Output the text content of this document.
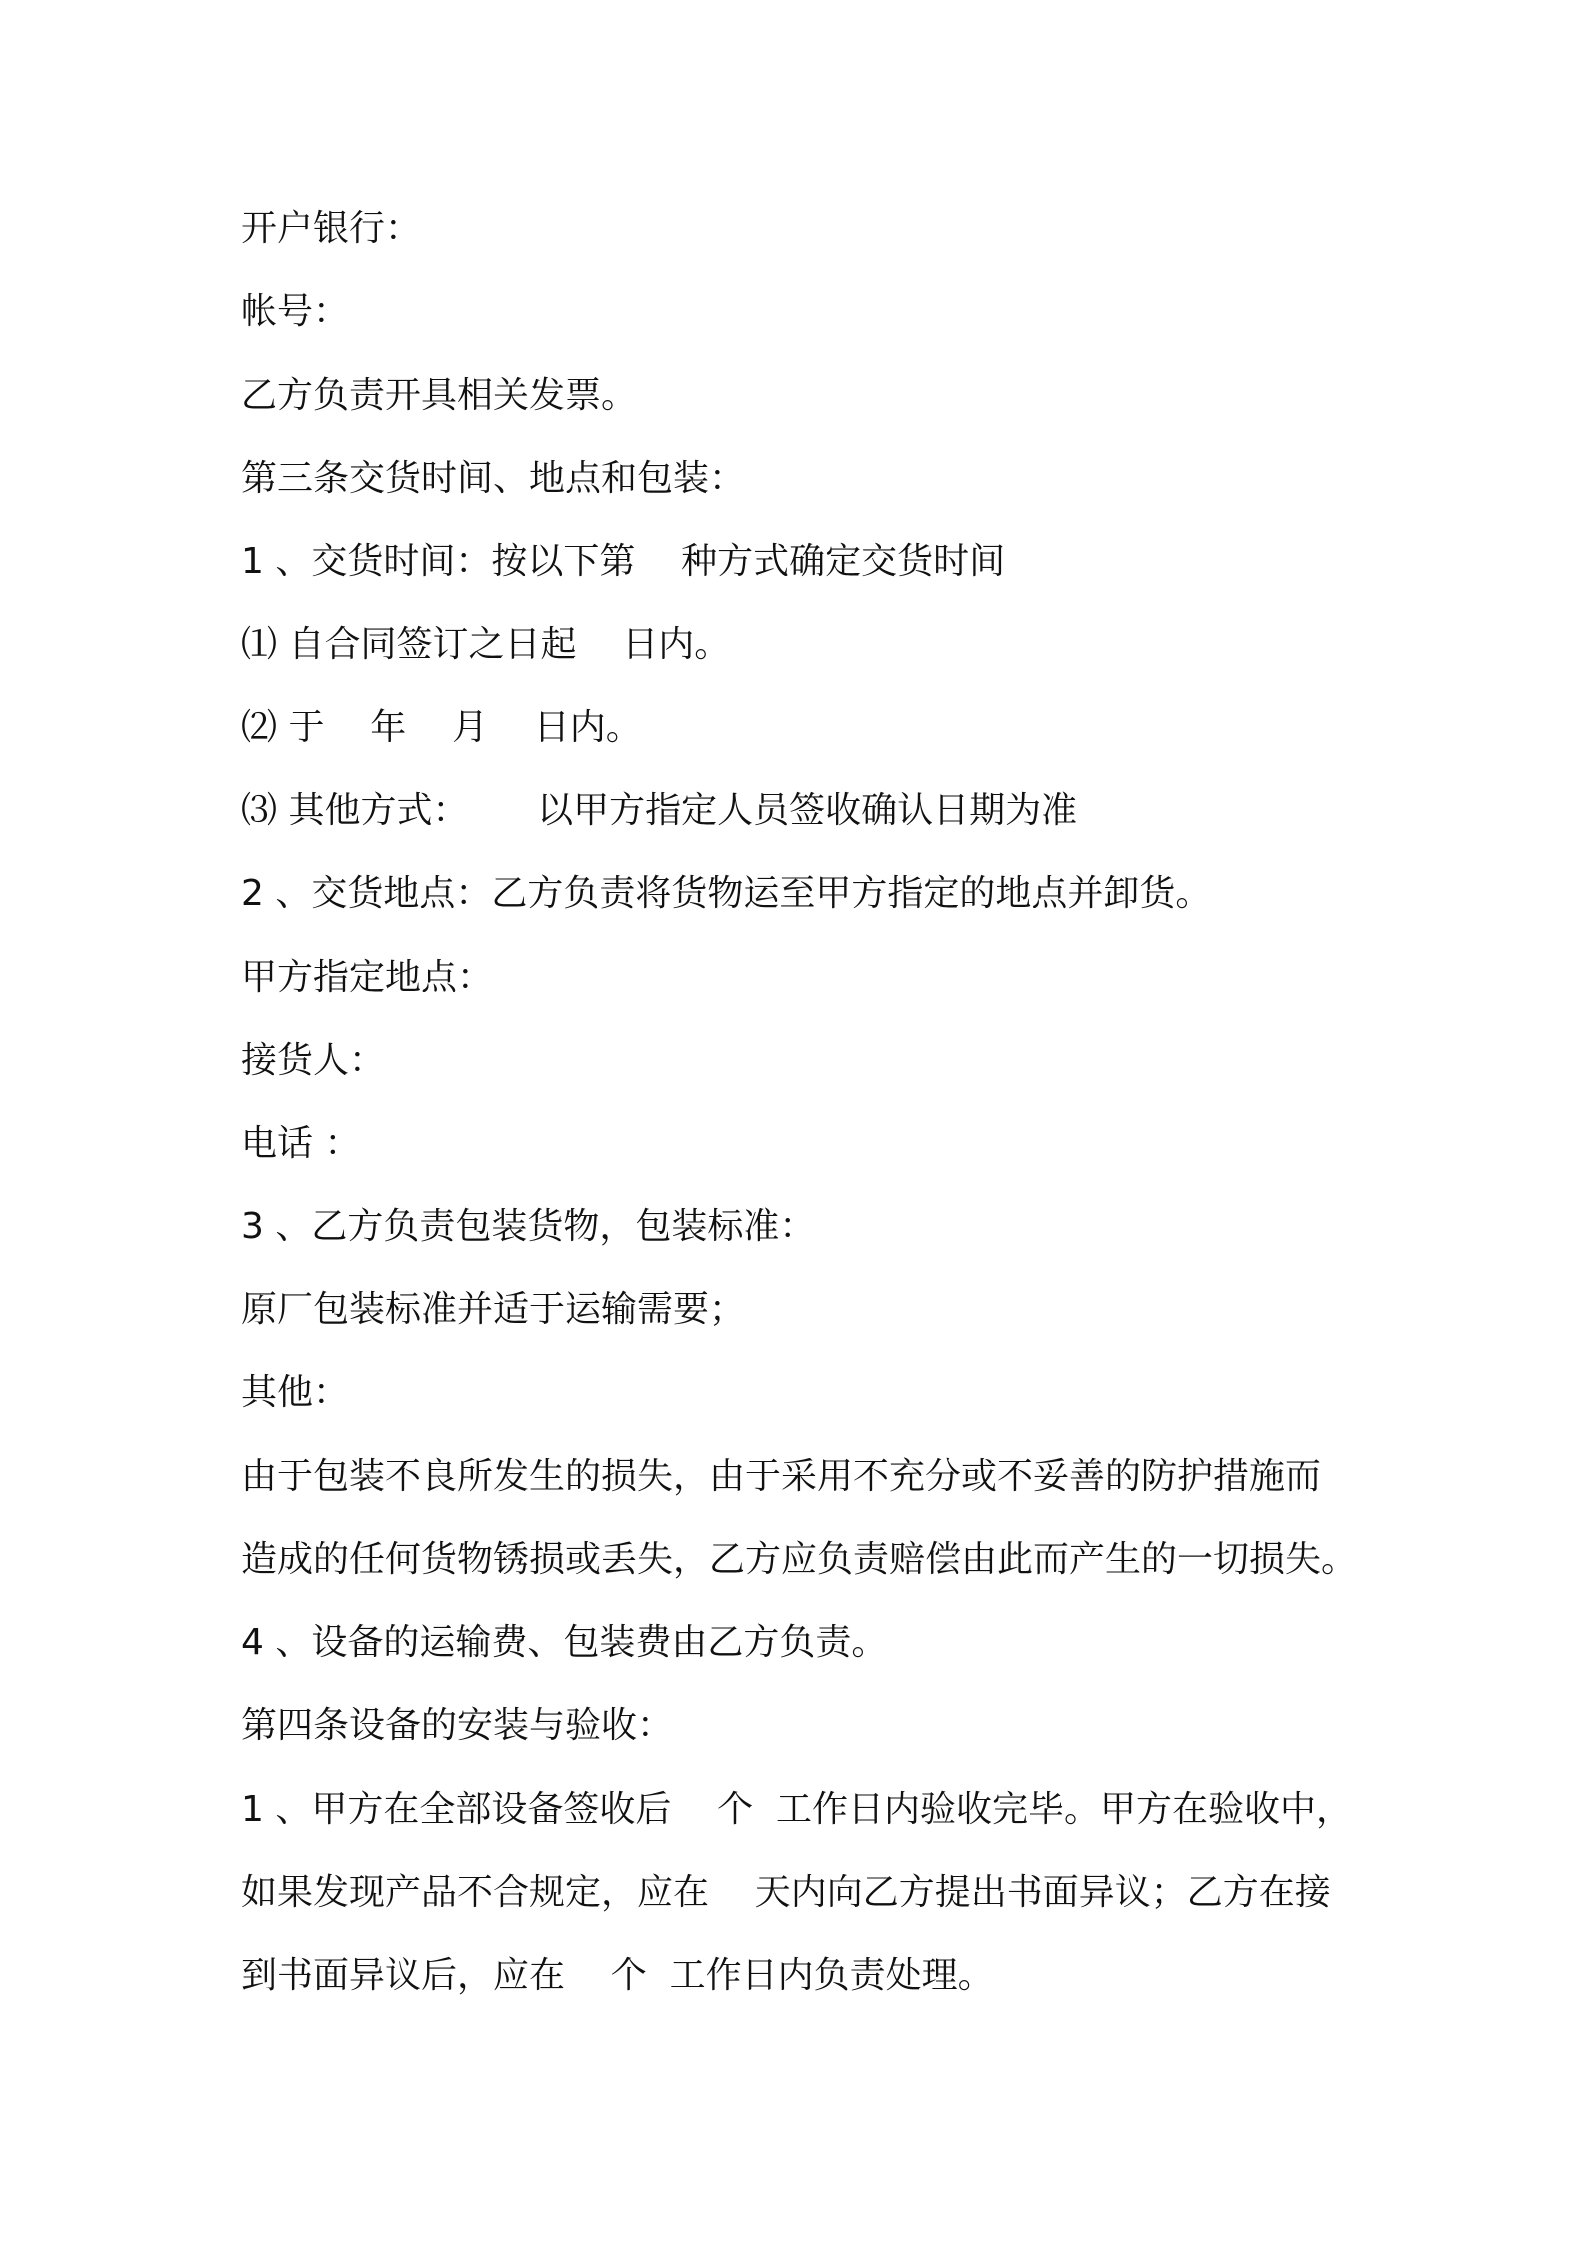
开户银行：

帐号：

乙方负责开具相关发票。

第三条交货时间、地点和包装：

1 、交货时间：按以下第    种方式确定交货时间

⑴ 自合同签订之日起    日内。

⑵ 于    年    月    日内。

⑶ 其他方式：      以甲方指定人员签收确认日期为准

2 、交货地点：乙方负责将货物运至甲方指定的地点并卸货。

甲方指定地点：

接货人：

电话 ：

3 、乙方负责包装货物，包装标准：

原厂包装标准并适于运输需要；

其他：

由于包装不良所发生的损失，由于采用不充分或不妥善的防护措施而

造成的任何货物锈损或丢失，乙方应负责赔偿由此而产生的一切损失。

4 、设备的运输费、包装费由乙方负责。

第四条设备的安装与验收：

1 、甲方在全部设备签收后    个  工作日内验收完毕。甲方在验收中，

如果发现产品不合规定，应在    天内向乙方提出书面异议；乙方在接

到书面异议后，应在    个  工作日内负责处理。
